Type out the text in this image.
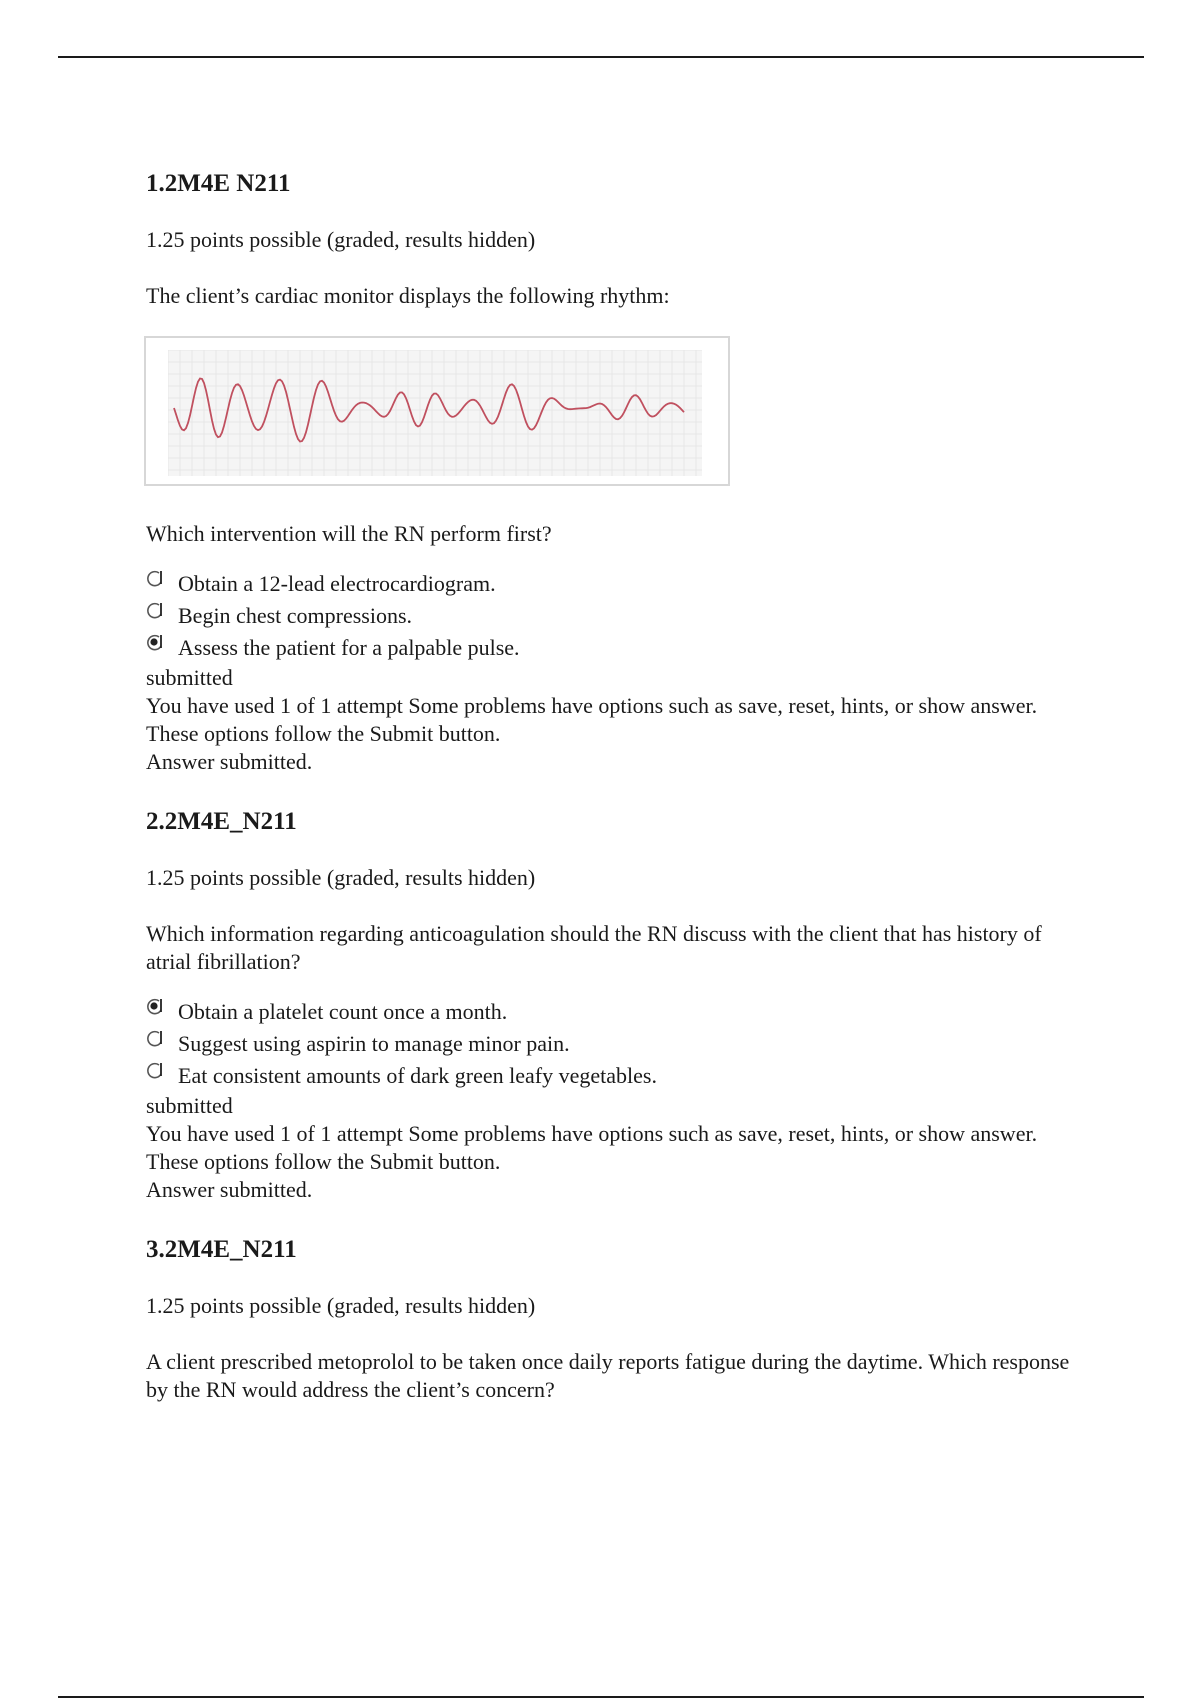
1.2M4E N211
1.25 points possible (graded, results hidden)
The client’s cardiac monitor displays the following rhythm:
Which intervention will the RN perform first?
Obtain a 12-lead electrocardiogram.
Begin chest compressions.
Assess the patient for a palpable pulse.

submitted

You have used 1 of 1 attempt Some problems have options such as save, reset, hints, or show answer. These options follow the Submit button.

Answer submitted.

2.2M4E_N211
1.25 points possible (graded, results hidden)
Which information regarding anticoagulation should the RN discuss with the client that has history of atrial fibrillation?
Obtain a platelet count once a month.
Suggest using aspirin to manage minor pain.
Eat consistent amounts of dark green leafy vegetables.

submitted

You have used 1 of 1 attempt Some problems have options such as save, reset, hints, or show answer. These options follow the Submit button.

Answer submitted.

3.2M4E_N211
1.25 points possible (graded, results hidden)
A client prescribed metoprolol to be taken once daily reports fatigue during the daytime. Which response by the RN would address the client’s concern?
